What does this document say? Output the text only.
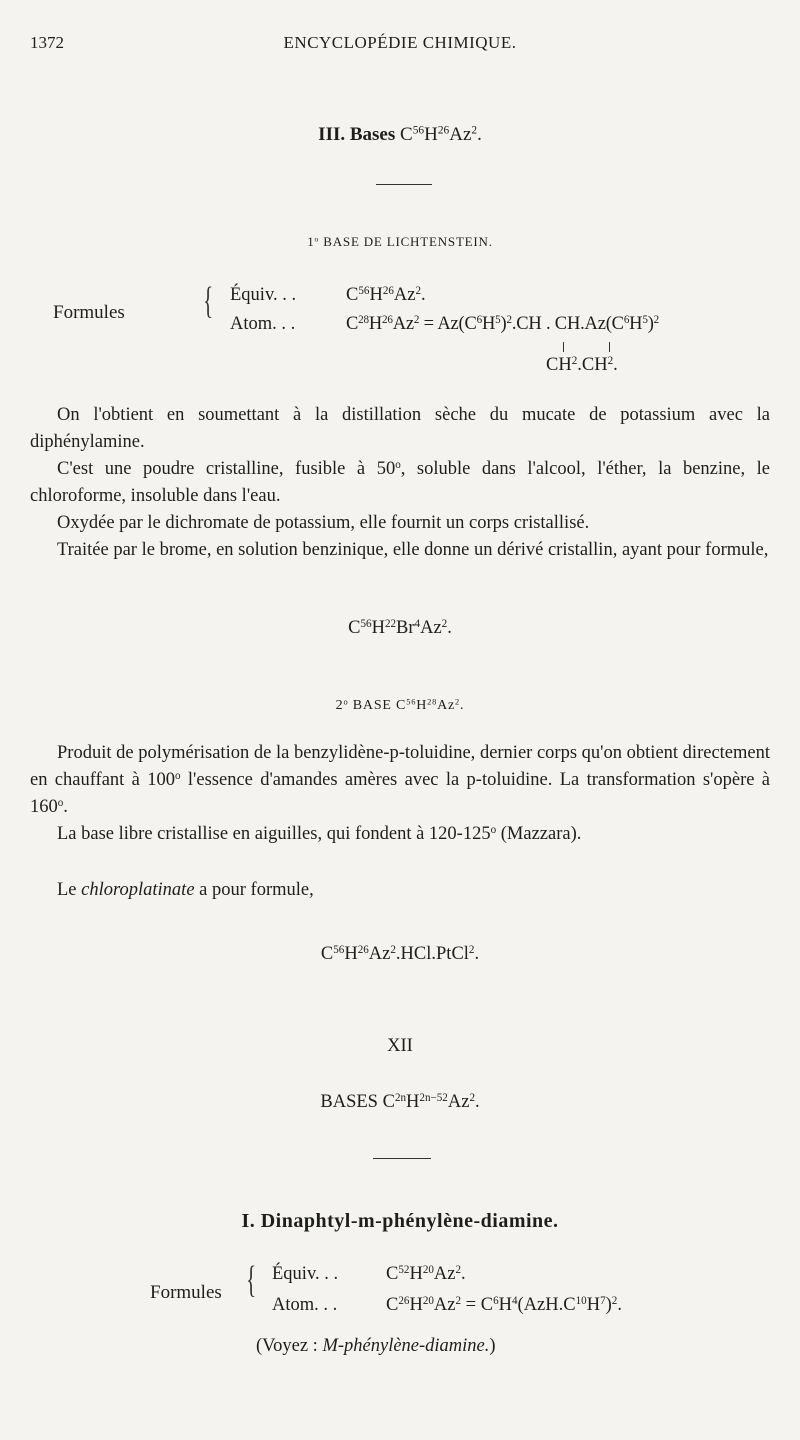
1372	ENCYCLOPÉDIE CHIMIQUE.
III. Bases $C^{56}H^{26}Az^2$.
1$^o$ BASE DE LICHTENSTEIN.
Formules { Équiv. . .	$C^{56}H^{26}Az^2$.
Atom. . .	$C^{28}H^{26}Az^2 = Az(C^6H^5)^2.CH$ . $CH.Az(C^6H^5)^2$
$CH^2.CH^2$.

On l'obtient en soumettant à la distillation sèche du mucate de potassium avec la diphénylamine.

C'est une poudre cristalline, fusible à 50$^o$, soluble dans l'alcool, l'éther, la benzine, le chloroforme, insoluble dans l'eau.

Oxydée par le dichromate de potassium, elle fournit un corps cristallisé.

Traitée par le brome, en solution benzinique, elle donne un dérivé cristallin, ayant pour formule,

$C^{56}H^{22}Br^4Az^2$.
2$^o$ BASE $C^{56}H^{28}Az^2$.

Produit de polymérisation de la benzylidène-p-toluidine, dernier corps qu'on obtient directement en chauffant à 100$^o$ l'essence d'amandes amères avec la p-toluidine. La transformation s'opère à 160$^o$.

La base libre cristallise en aiguilles, qui fondent à 120-125$^o$ (Mazzara).

Le chloroplatinate a pour formule,
$C^{56}H^{26}Az^2.HCl.PtCl^2$.
XII
BASES $C^{2n}H^{2n-52}Az^2$.
I. Dinaphtyl-m-phénylène-diamine.
Formules { Équiv. . .	$C^{52}H^{20}Az^2$.
Atom. . .	$C^{26}H^{20}Az^2 = C^6H^4(AzH.C^{10}H^7)^2$.
(Voyez : M-phénylène-diamine.)
